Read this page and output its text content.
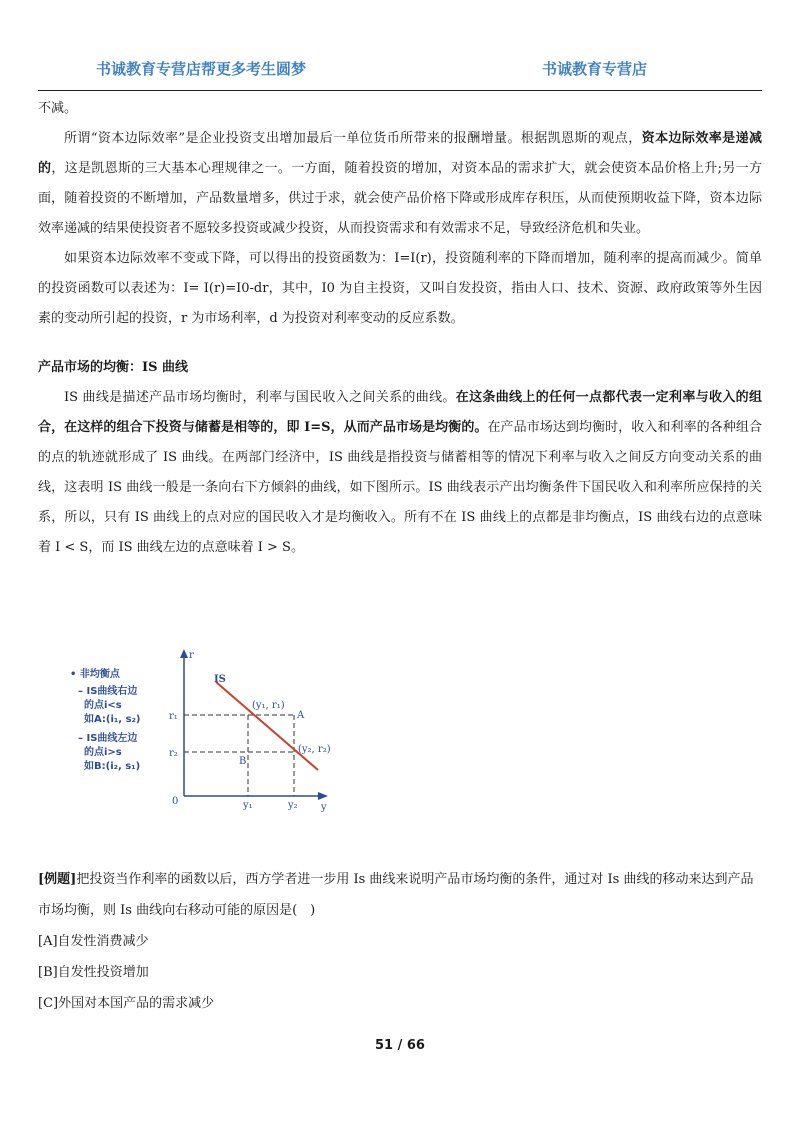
书诚教育专营店帮更多考生圆梦	书诚教育专营店

不减。

所谓“资本边际效率”是企业投资支出增加最后一单位货币所带来的报酬增量。根据凯恩斯的观点，资本边际效率是递减的，这是凯恩斯的三大基本心理规律之一。一方面，随着投资的增加，对资本品的需求扩大，就会使资本品价格上升;另一方面，随着投资的不断增加，产品数量增多，供过于求，就会使产品价格下降或形成库存积压，从而使预期收益下降，资本边际效率递减的结果使投资者不愿较多投资或减少投资，从而投资需求和有效需求不足，导致经济危机和失业。

如果资本边际效率不变或下降，可以得出的投资函数为：I=I(r)，投资随利率的下降而增加，随利率的提高而减少。简单的投资函数可以表述为：I= I(r)=I0-dr，其中，I0 为自主投资，又叫自发投资，指由人口、技术、资源、政府政策等外生因素的变动所引起的投资，r 为市场利率，d 为投资对利率变动的反应系数。

产品市场的均衡：IS 曲线

IS 曲线是描述产品市场均衡时，利率与国民收入之间关系的曲线。在这条曲线上的任何一点都代表一定利率与收入的组合，在这样的组合下投资与储蓄是相等的，即 I=S，从而产品市场是均衡的。在产品市场达到均衡时，收入和利率的各种组合的点的轨迹就形成了 IS 曲线。在两部门经济中，IS 曲线是指投资与储蓄相等的情况下利率与收入之间反方向变动关系的曲线，这表明 IS 曲线一般是一条向右下方倾斜的曲线，如下图所示。IS 曲线表示产出均衡条件下国民收入和利率所应保持的关系，所以，只有 IS 曲线上的点对应的国民收入才是均衡收入。所有不在 IS 曲线上的点都是非均衡点，IS 曲线右边的点意味着 I < S，而 IS 曲线左边的点意味着 I > S。

• 非均衡点
– IS曲线右边
的点i<s
如A:(i₁, s₂)
– IS曲线左边
的点i>s
如B:(i₂, s₁)
IS
r
y
0
r₁
r₂
y₁	y₂
(y₁, r₁)
(y₂, r₂)
A
B

[例题]把投资当作利率的函数以后，西方学者进一步用 Is 曲线来说明产品市场均衡的条件，通过对 Is 曲线的移动来达到产品市场均衡，则 Is 曲线向右移动可能的原因是(　)

[A]自发性消费减少

[B]自发性投资增加

[C]外国对本国产品的需求减少

51 / 66
